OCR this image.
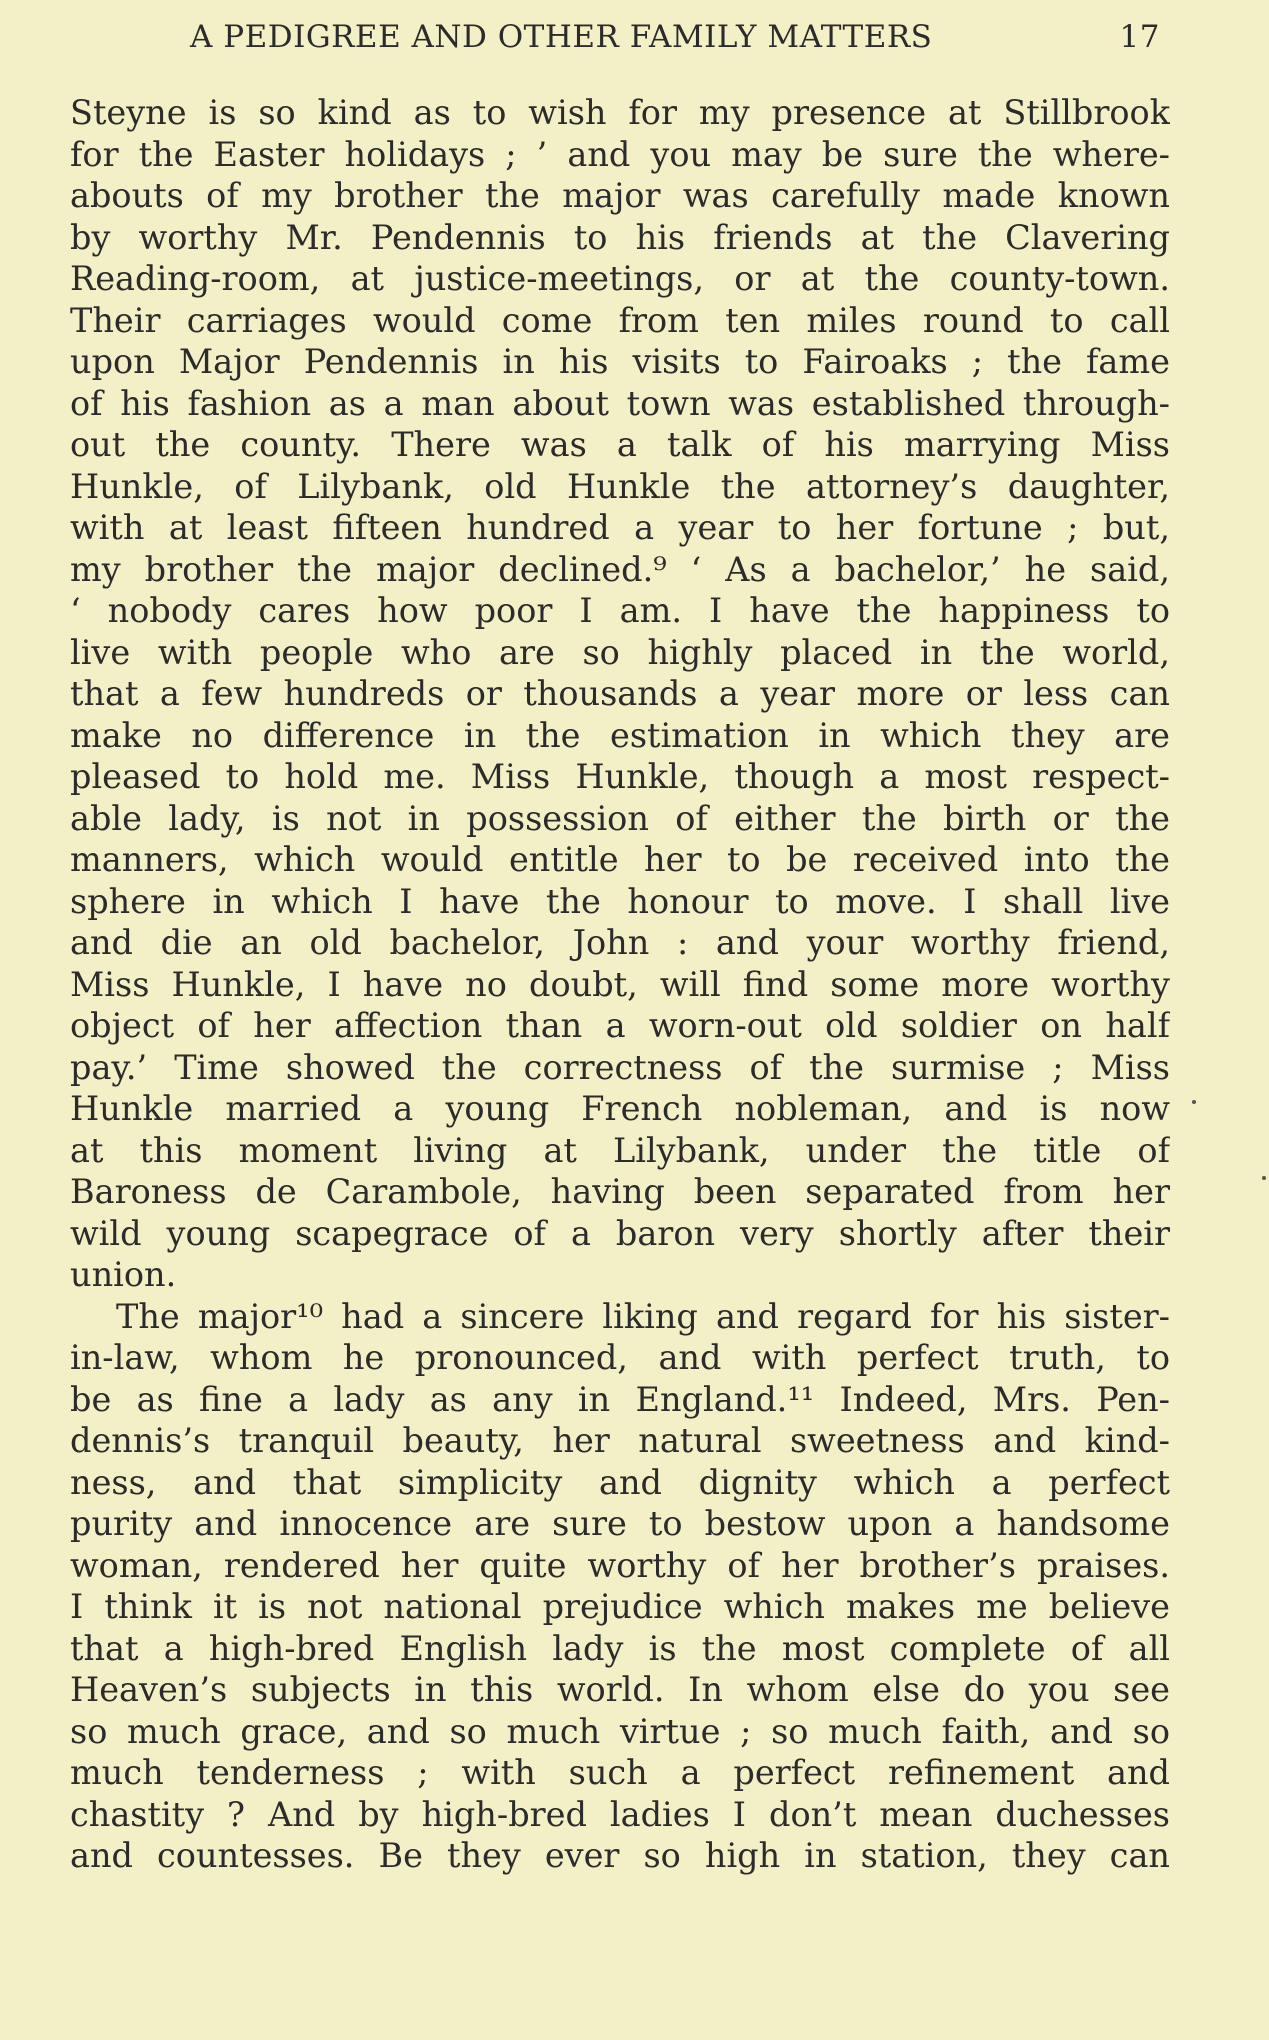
A PEDIGREE AND OTHER FAMILY MATTERS	17
Steyne is so kind as to wish for my presence at Stillbrook
for the Easter holidays ; ’ and you may be sure the where-
abouts of my brother the major was carefully made known
by worthy Mr. Pendennis to his friends at the Clavering
Reading-room, at justice-meetings, or at the county-town.
Their carriages would come from ten miles round to call
upon Major Pendennis in his visits to Fairoaks ; the fame
of his fashion as a man about town was established through-
out the county. There was a talk of his marrying Miss
Hunkle, of Lilybank, old Hunkle the attorney’s daughter,
with at least fifteen hundred a year to her fortune ; but,
my brother the major declined.⁹ ‘ As a bachelor,’ he said,
‘ nobody cares how poor I am. I have the happiness to
live with people who are so highly placed in the world,
that a few hundreds or thousands a year more or less can
make no difference in the estimation in which they are
pleased to hold me. Miss Hunkle, though a most respect-
able lady, is not in possession of either the birth or the
manners, which would entitle her to be received into the
sphere in which I have the honour to move. I shall live
and die an old bachelor, John : and your worthy friend,
Miss Hunkle, I have no doubt, will find some more worthy
object of her affection than a worn-out old soldier on half
pay.’ Time showed the correctness of the surmise ; Miss
Hunkle married a young French nobleman, and is now
at this moment living at Lilybank, under the title of
Baroness de Carambole, having been separated from her
wild young scapegrace of a baron very shortly after their
union.
The major¹⁰ had a sincere liking and regard for his sister-
in-law, whom he pronounced, and with perfect truth, to
be as fine a lady as any in England.¹¹ Indeed, Mrs. Pen-
dennis’s tranquil beauty, her natural sweetness and kind-
ness, and that simplicity and dignity which a perfect
purity and innocence are sure to bestow upon a handsome
woman, rendered her quite worthy of her brother’s praises.
I think it is not national prejudice which makes me believe
that a high-bred English lady is the most complete of all
Heaven’s subjects in this world. In whom else do you see
so much grace, and so much virtue ; so much faith, and so
much tenderness ; with such a perfect refinement and
chastity ? And by high-bred ladies I don’t mean duchesses
and countesses. Be they ever so high in station, they can
